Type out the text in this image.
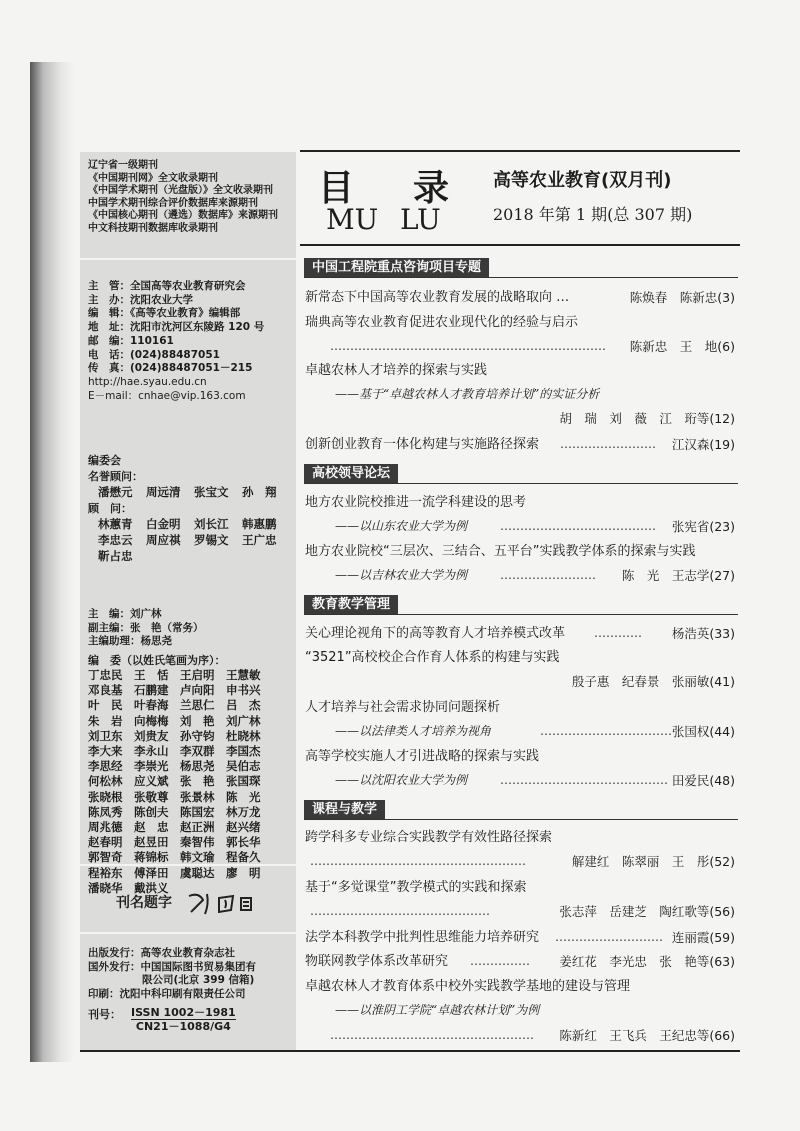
辽宁省一级期刊
《中国期刊网》全文收录期刊
《中国学术期刊（光盘版）》全文收录期刊
中国学术期刊综合评价数据库来源期刊
《中国核心期刊（遴选）数据库》来源期刊
中文科技期刊数据库收录期刊
主　管：全国高等农业教育研究会
主　办：沈阳农业大学
编　辑：《高等农业教育》编辑部
地　址：沈阳市沈河区东陵路 120 号
邮　编：110161
电　话：(024)88487051
传　真：(024)88487051－215
http://hae.syau.edu.cn
E－mail：cnhae@vip.163.com
编委会
名誉顾问：
潘懋元	周远清	张宝文	孙　翔
顾　问：
林蕙青	白金明	刘长江	韩惠鹏
李忠云	周应祺	罗锡文	王广忠
靳占忠
主　编：刘广林
副主编：张　艳（常务）
主编助理：杨思尧
编　委（以姓氏笔画为序）：
丁忠民	王　恬	王启明	王慧敏
邓良基	石鹏建	卢向阳	申书兴
叶　民	叶春海	兰思仁	吕　杰
朱　岩	向梅梅	刘　艳	刘广林
刘卫东	刘贵友	孙守钧	杜晓林
李大来	李永山	李双群	李国杰
李思经	李崇光	杨思尧	吴伯志
何松林	应义斌	张　艳	张国琛
张晓根	张敬尊	张景林	陈　光
陈凤秀	陈创夫	陈国宏	林万龙
周兆德	赵　忠	赵正洲	赵兴绪
赵春明	赵昱田	秦智伟	郭长华
郭智奇	蒋锦标	韩文瑜	程备久
程裕东	傅泽田	虞聪达	廖　明
潘晓华	戴洪义
刊名题字
出版发行：高等农业教育杂志社
国外发行：中国国际图书贸易集团有
限公司(北京 399 信箱)
印刷：沈阳中科印刷有限责任公司
刊号： ISSN 1002－1981
CN21－1088/G4
目 录
MU LU
高等农业教育(双月刊)
2018 年第 1 期(总 307 期)
中国工程院重点咨询项目专题
新常态下中国高等农业教育发展的战略取向 …	陈焕春　陈新忠(3)
瑞典高等农业教育促进农业现代化的经验与启示
……………………………………………………………	陈新忠　王　地(6)
卓越农林人才培养的探索与实践
——基于“卓越农林人才教育培养计划”的实证分析
胡　瑞　刘　薇　江　珩等(12)
创新创业教育一体化构建与实施路径探索	……………………	江汉森(19)
高校领导论坛
地方农业院校推进一流学科建设的思考
——以山东农业大学为例	…………………………………	张宪省(23)
地方农业院校“三层次、三结合、五平台”实践教学体系的探索与实践
——以吉林农业大学为例	……………………	陈　光　王志学(27)
教育教学管理
关心理论视角下的高等教育人才培养模式改革	…………	杨浩英(33)
“3521”高校校企合作育人体系的构建与实践
殷子惠　纪春景　张丽敏(41)
人才培养与社会需求协同问题探析
——以法律类人才培养为视角	…………………………… 张国权(44)
高等学校实施人才引进战略的探索与实践
——以沈阳农业大学为例	…………………………………… 田爱民(48)
课程与教学
跨学科多专业综合实践教学有效性路径探索
………………………………………………	解建红　陈翠丽　王　彤(52)
基于“多觉课堂”教学模式的实践和探索
………………………………………	张志萍　岳建芝　陶红歌等(56)
法学本科教学中批判性思维能力培养研究	……………………… 连丽霞(59)
物联网教学体系改革研究	……………	姜红花　李光忠　张　艳等(63)
卓越农林人才教育体系中校外实践教学基地的建设与管理
——以淮阴工学院“卓越农林计划”为例
……………………………………………	陈新红　王飞兵　王纪忠等(66)
